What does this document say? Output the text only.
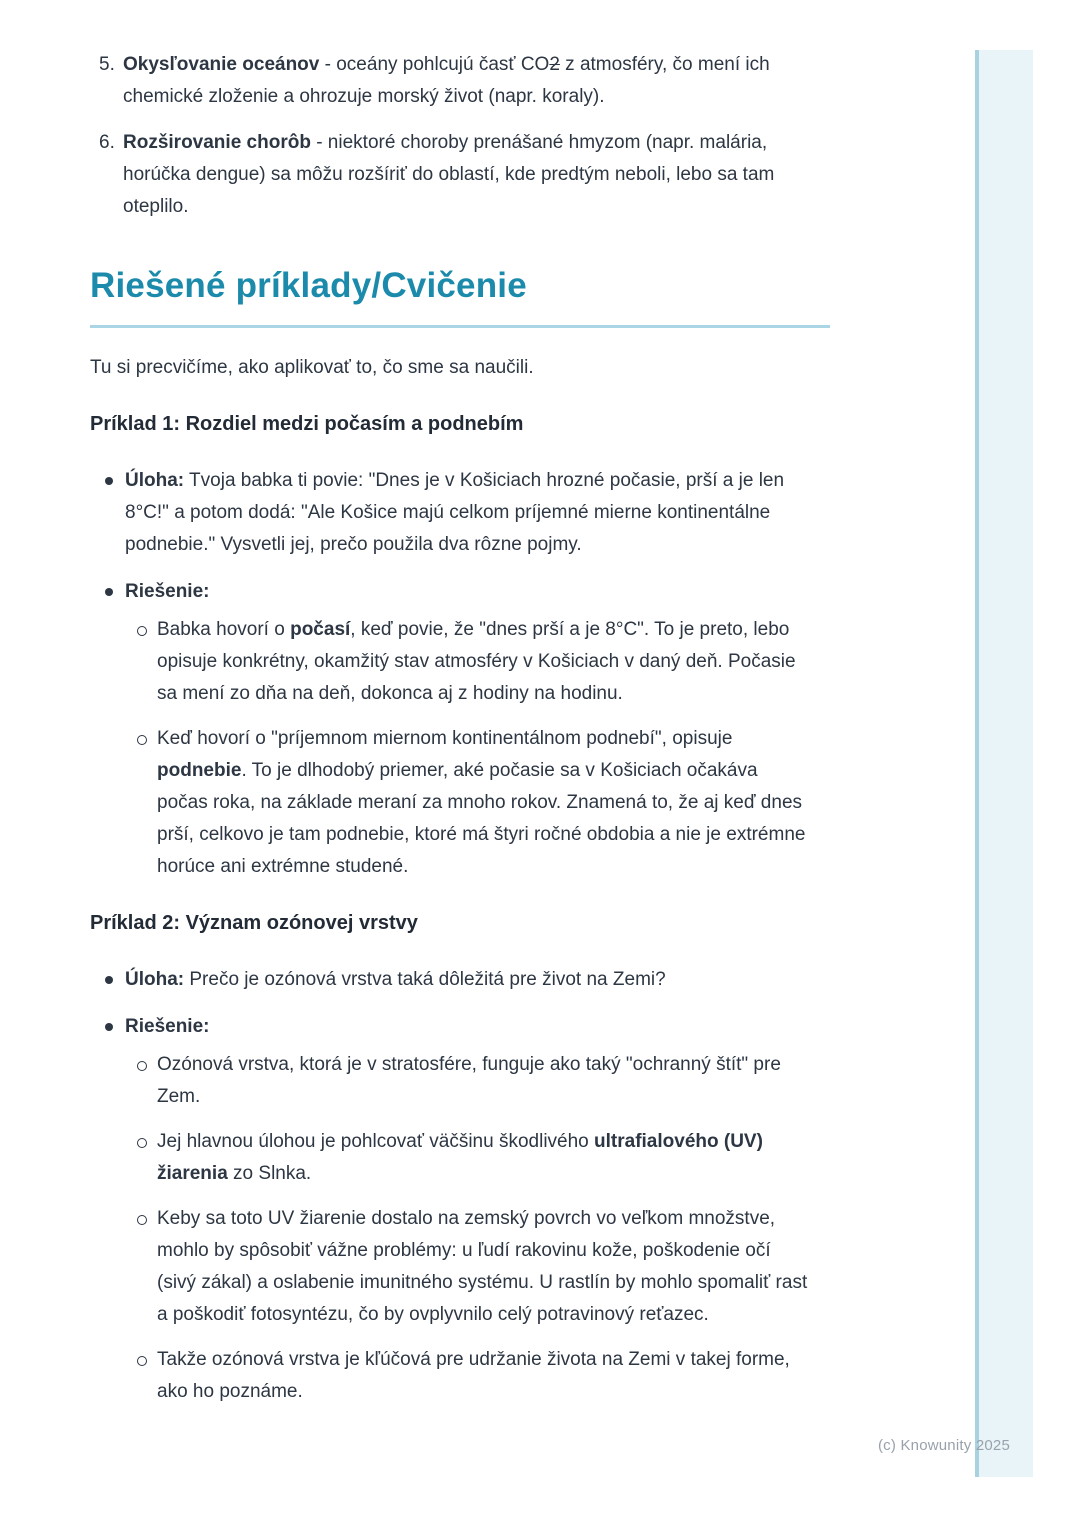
(c) Knowunity 2025
5. Okysľovanie oceánov - oceány pohlcujú časť CO2 z atmosféry, čo mení ich chemické zloženie a ohrozuje morský život (napr. koraly).
6. Rozširovanie chorôb - niektoré choroby prenášané hmyzom (napr. malária, horúčka dengue) sa môžu rozšíriť do oblastí, kde predtým neboli, lebo sa tam oteplilo.
Riešené príklady/Cvičenie

Tu si precvičíme, ako aplikovať to, čo sme sa naučili.

Príklad 1: Rozdiel medzi počasím a podnebím
Úloha: Tvoja babka ti povie: "Dnes je v Košiciach hrozné počasie, prší a je len 8°C!" a potom dodá: "Ale Košice majú celkom príjemné mierne kontinentálne podnebie." Vysvetli jej, prečo použila dva rôzne pojmy.
Riešenie:
Babka hovorí o počasí, keď povie, že "dnes prší a je 8°C". To je preto, lebo opisuje konkrétny, okamžitý stav atmosféry v Košiciach v daný deň. Počasie sa mení zo dňa na deň, dokonca aj z hodiny na hodinu.
Keď hovorí o "príjemnom miernom kontinentálnom podnebí", opisuje podnebie. To je dlhodobý priemer, aké počasie sa v Košiciach očakáva počas roka, na základe meraní za mnoho rokov. Znamená to, že aj keď dnes prší, celkovo je tam podnebie, ktoré má štyri ročné obdobia a nie je extrémne horúce ani extrémne studené.
Príklad 2: Význam ozónovej vrstvy
Úloha: Prečo je ozónová vrstva taká dôležitá pre život na Zemi?
Riešenie:
Ozónová vrstva, ktorá je v stratosfére, funguje ako taký "ochranný štít" pre Zem.
Jej hlavnou úlohou je pohlcovať väčšinu škodlivého ultrafialového (UV) žiarenia zo Slnka.
Keby sa toto UV žiarenie dostalo na zemský povrch vo veľkom množstve, mohlo by spôsobiť vážne problémy: u ľudí rakovinu kože, poškodenie očí (sivý zákal) a oslabenie imunitného systému. U rastlín by mohlo spomaliť rast a poškodiť fotosyntézu, čo by ovplyvnilo celý potravinový reťazec.
Takže ozónová vrstva je kľúčová pre udržanie života na Zemi v takej forme, ako ho poznáme.
